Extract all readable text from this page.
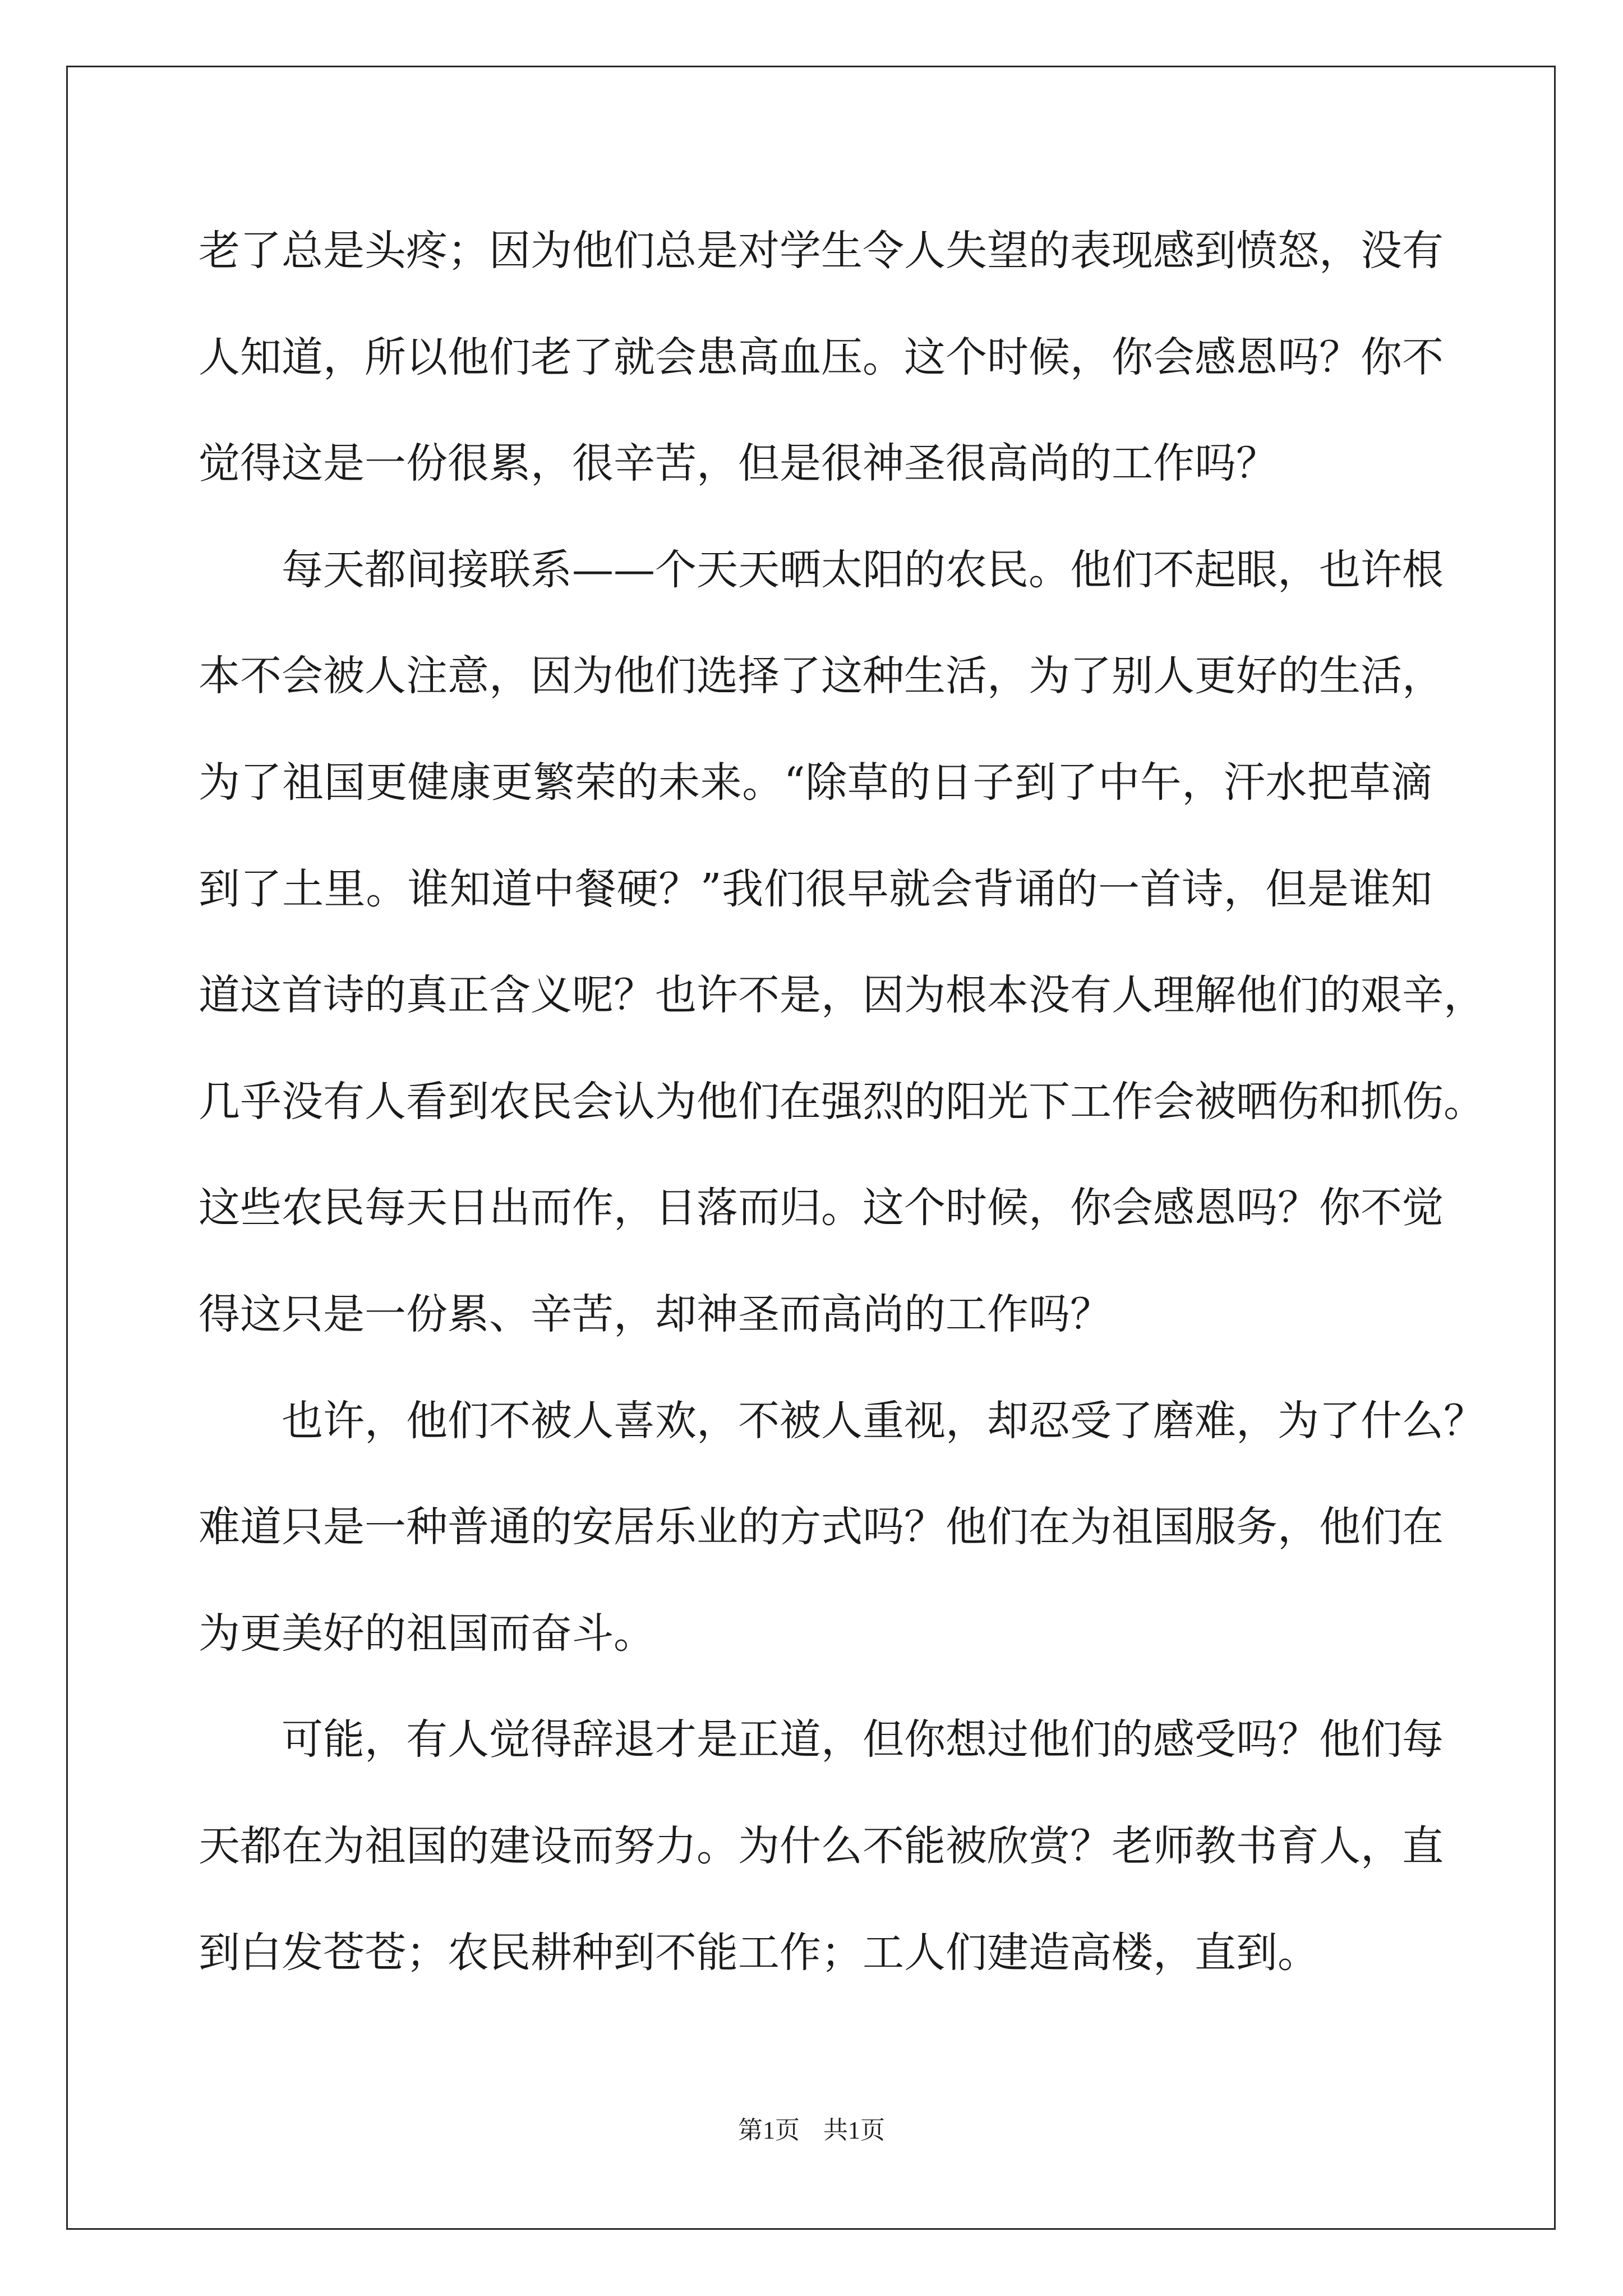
老了总是头疼；因为他们总是对学生令人失望的表现感到愤怒，没有
人知道，所以他们老了就会患高血压。这个时候，你会感恩吗？你不
觉得这是一份很累，很辛苦，但是很神圣很高尚的工作吗？
每天都间接联系——个天天晒太阳的农民。他们不起眼，也许根
本不会被人注意，因为他们选择了这种生活，为了别人更好的生活，
为了祖国更健康更繁荣的未来。“除草的日子到了中午，汗水把草滴
到了土里。谁知道中餐硬？”我们很早就会背诵的一首诗，但是谁知
道这首诗的真正含义呢？也许不是，因为根本没有人理解他们的艰辛，
几乎没有人看到农民会认为他们在强烈的阳光下工作会被晒伤和抓伤。
这些农民每天日出而作，日落而归。这个时候，你会感恩吗？你不觉
得这只是一份累、辛苦，却神圣而高尚的工作吗？
也许，他们不被人喜欢，不被人重视，却忍受了磨难，为了什么？
难道只是一种普通的安居乐业的方式吗？他们在为祖国服务，他们在
为更美好的祖国而奋斗。
可能，有人觉得辞退才是正道，但你想过他们的感受吗？他们每
天都在为祖国的建设而努力。为什么不能被欣赏？老师教书育人，直
到白发苍苍；农民耕种到不能工作；工人们建造高楼，直到。
第1页 共1页
